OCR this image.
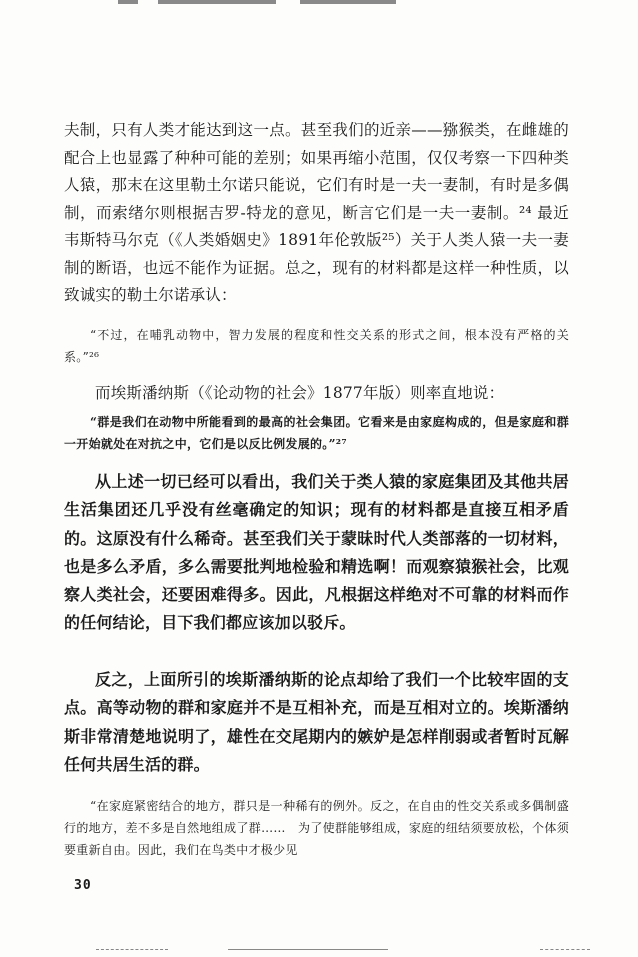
夫制，只有人类才能达到这一点。甚至我们的近亲——猕猴类，在雌雄的配合上也显露了种种可能的差别；如果再缩小范围，仅仅考察一下四种类人猿，那末在这里勒土尔诺只能说，它们有时是一夫一妻制，有时是多偶制，而索绪尔则根据吉罗-特龙的意见，断言它们是一夫一妻制。²⁴ 最近韦斯特马尔克（《人类婚姻史》1891年伦敦版²⁵）关于人类人猿一夫一妻制的断语，也远不能作为证据。总之，现有的材料都是这样一种性质，以致诚实的勒土尔诺承认：

“不过，在哺乳动物中，智力发展的程度和性交关系的形式之间，根本没有严格的关系。”²⁶

而埃斯潘纳斯（《论动物的社会》1877年版）则率直地说：

“群是我们在动物中所能看到的最高的社会集团。它看来是由家庭构成的，但是家庭和群一开始就处在对抗之中，它们是以反比例发展的。”²⁷

从上述一切已经可以看出，我们关于类人猿的家庭集团及其他共居生活集团还几乎没有丝毫确定的知识；现有的材料都是直接互相矛盾的。这原没有什么稀奇。甚至我们关于蒙昧时代人类部落的一切材料，也是多么矛盾，多么需要批判地检验和精选啊！而观察猿猴社会，比观察人类社会，还要困难得多。因此，凡根据这样绝对不可靠的材料而作的任何结论，目下我们都应该加以驳斥。

反之，上面所引的埃斯潘纳斯的论点却给了我们一个比较牢固的支点。高等动物的群和家庭并不是互相补充，而是互相对立的。埃斯潘纳斯非常清楚地说明了，雄性在交尾期内的嫉妒是怎样削弱或者暂时瓦解任何共居生活的群。

“在家庭紧密结合的地方，群只是一种稀有的例外。反之，在自由的性交关系或多偶制盛行的地方，差不多是自然地组成了群……　为了使群能够组成，家庭的纽结须要放松，个体须要重新自由。因此，我们在鸟类中才极少见

30
